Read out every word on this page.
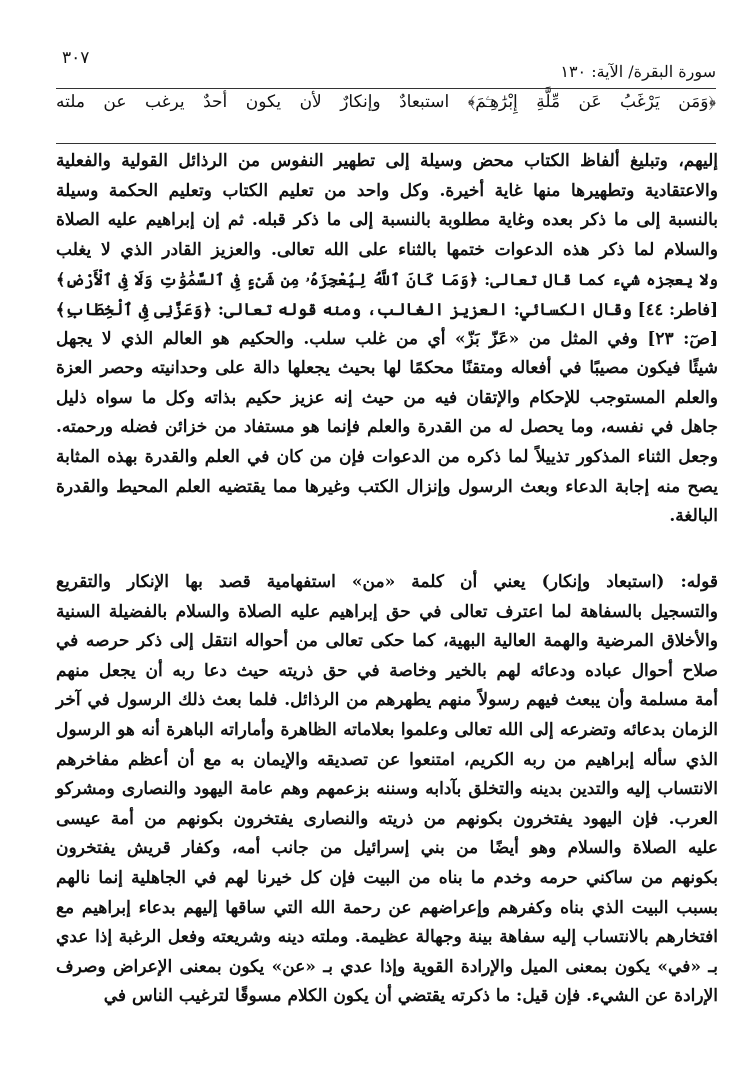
٣٠٧
سورة البقرة/ الآية: ١٣٠
﴿وَمَن يَرْغَبُ عَن مِّلَّةِ إِبْرَٰهِـۧمَ﴾ استبعادٌ وإنكارٌ لأن يكون أحدٌ يرغب عن ملته
إليهم، وتبليغ ألفاظ الكتاب محض وسيلة إلى تطهير النفوس من الرذائل القولية والفعلية
والاعتقادية وتطهيرها منها غاية أخيرة. وكل واحد من تعليم الكتاب وتعليم الحكمة وسيلة
بالنسبة إلى ما ذكر بعده وغاية مطلوبة بالنسبة إلى ما ذكر قبله. ثم إن إبراهيم عليه الصلاة
والسلام لما ذكر هذه الدعوات ختمها بالثناء على الله تعالى. والعزيز القادر الذي لا يغلب
ولا يعجزه شيء كما قال تعالى: ﴿وَمَا كَانَ ٱللَّهُ لِيُعْجِزَهُۥ مِن شَىْءٍ فِى ٱلسَّمَٰوَٰتِ وَلَا فِى ٱلْأَرْضِ﴾
[فاطر: ٤٤] وقال الكسائي: العزيز الغالب، ومنه قوله تعالى: ﴿وَعَزَّنِى فِى ٱلْخِطَابِ﴾
[صٓ: ٢٣] وفي المثل من «عَزّ بَزّ» أي من غلب سلب. والحكيم هو العالم الذي لا يجهل
شيئًا فيكون مصيبًا في أفعاله ومتقنًا محكمًا لها بحيث يجعلها دالة على وحدانيته وحصر العزة
والعلم المستوجب للإحكام والإتقان فيه من حيث إنه عزيز حكيم بذاته وكل ما سواه ذليل
جاهل في نفسه، وما يحصل له من القدرة والعلم فإنما هو مستفاد من خزائن فضله ورحمته.
وجعل الثناء المذكور تذييلاً لما ذكره من الدعوات فإن من كان في العلم والقدرة بهذه المثابة
يصح منه إجابة الدعاء وبعث الرسول وإنزال الكتب وغيرها مما يقتضيه العلم المحيط والقدرة
البالغة.
قوله: (استبعاد وإنكار) يعني أن كلمة «من» استفهامية قصد بها الإنكار والتقريع
والتسجيل بالسفاهة لما اعترف تعالى في حق إبراهيم عليه الصلاة والسلام بالفضيلة السنية
والأخلاق المرضية والهمة العالية البهية، كما حكى تعالى من أحواله انتقل إلى ذكر حرصه في
صلاح أحوال عباده ودعائه لهم بالخير وخاصة في حق ذريته حيث دعا ربه أن يجعل منهم
أمة مسلمة وأن يبعث فيهم رسولاً منهم يطهرهم من الرذائل. فلما بعث ذلك الرسول في آخر
الزمان بدعائه وتضرعه إلى الله تعالى وعلموا بعلاماته الظاهرة وأماراته الباهرة أنه هو الرسول
الذي سأله إبراهيم من ربه الكريم، امتنعوا عن تصديقه والإيمان به مع أن أعظم مفاخرهم
الانتساب إليه والتدين بدينه والتخلق بآدابه وسننه بزعمهم وهم عامة اليهود والنصارى ومشركو
العرب. فإن اليهود يفتخرون بكونهم من ذريته والنصارى يفتخرون بكونهم من أمة عيسى
عليه الصلاة والسلام وهو أيضًا من بني إسرائيل من جانب أمه، وكفار قريش يفتخرون
بكونهم من ساكني حرمه وخدم ما بناه من البيت فإن كل خيرنا لهم في الجاهلية إنما نالهم
بسبب البيت الذي بناه وكفرهم وإعراضهم عن رحمة الله التي ساقها إليهم بدعاء إبراهيم مع
افتخارهم بالانتساب إليه سفاهة بينة وجهالة عظيمة. وملته دينه وشريعته وفعل الرغبة إذا عدي
بـ «في» يكون بمعنى الميل والإرادة القوية وإذا عدي بـ «عن» يكون بمعنى الإعراض وصرف
الإرادة عن الشيء. فإن قيل: ما ذكرته يقتضي أن يكون الكلام مسوقًا لترغيب الناس في
